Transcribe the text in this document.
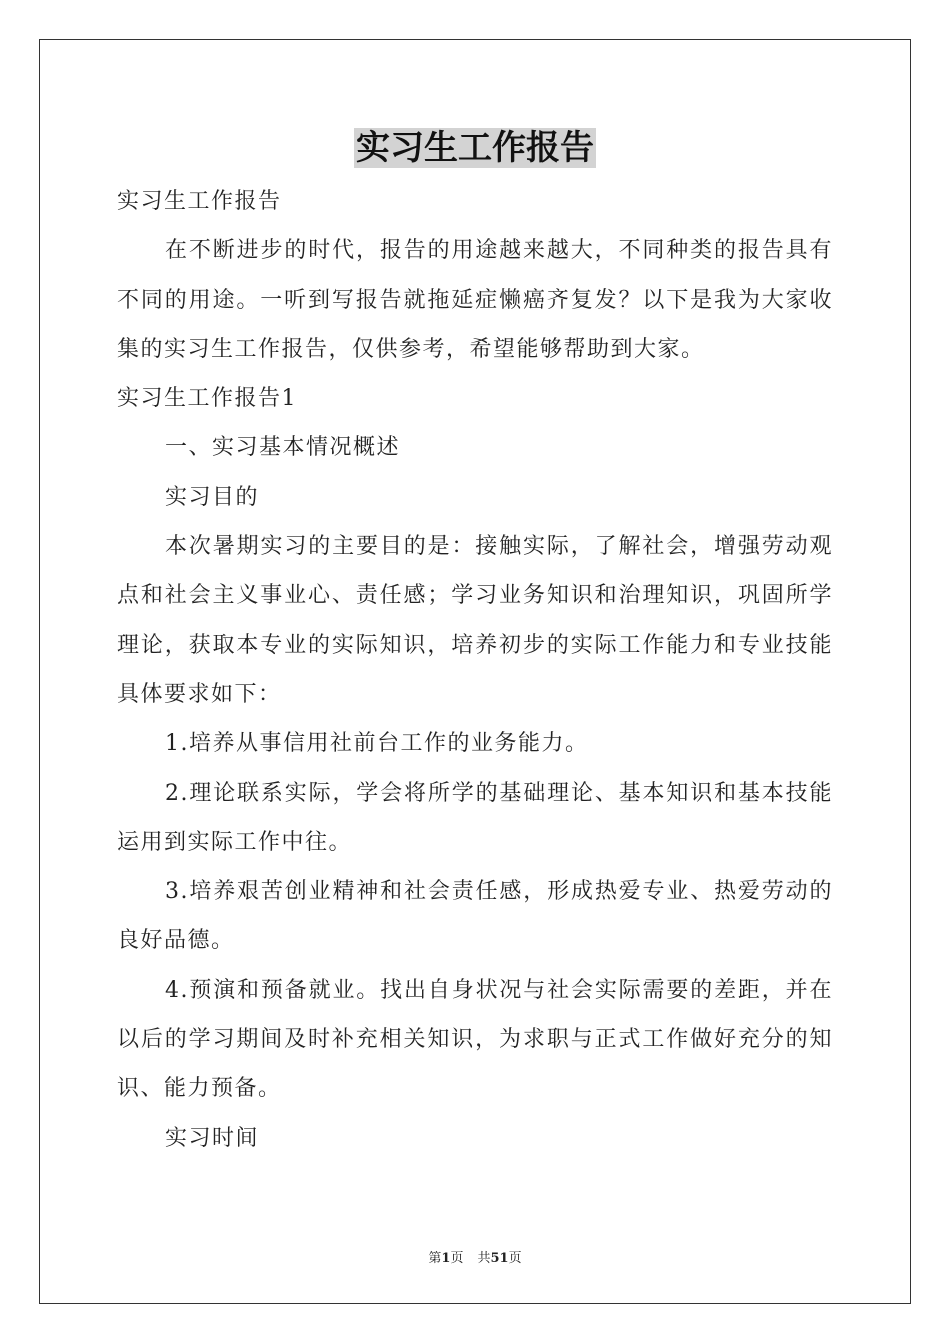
实习生工作报告

实习生工作报告

在不断进步的时代，报告的用途越来越大，不同种类的报告具有不同的用途。一听到写报告就拖延症懒癌齐复发？以下是我为大家收集的实习生工作报告，仅供参考，希望能够帮助到大家。

实习生工作报告1

一、实习基本情况概述

实习目的

本次暑期实习的主要目的是：接触实际，了解社会，增强劳动观点和社会主义事业心、责任感；学习业务知识和治理知识，巩固所学理论，获取本专业的实际知识，培养初步的实际工作能力和专业技能具体要求如下：

1.培养从事信用社前台工作的业务能力。

2.理论联系实际，学会将所学的基础理论、基本知识和基本技能运用到实际工作中往。

3.培养艰苦创业精神和社会责任感，形成热爱专业、热爱劳动的良好品德。

4.预演和预备就业。找出自身状况与社会实际需要的差距，并在以后的学习期间及时补充相关知识，为求职与正式工作做好充分的知识、能力预备。

实习时间

第1页 共51页
